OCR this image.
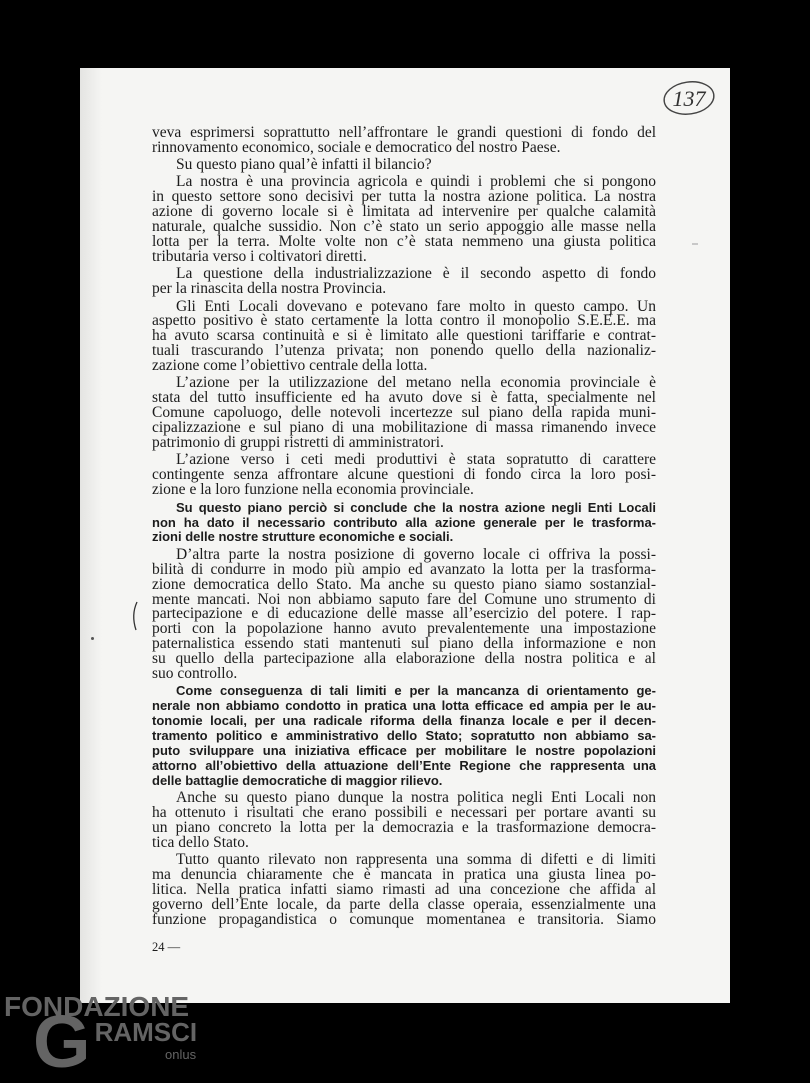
137
veva esprimersi soprattutto nell’affrontare le grandi questioni di fondo del
rinnovamento economico, sociale e democratico del nostro Paese.
Su questo piano qual’è infatti il bilancio?
La nostra è una provincia agricola e quindi i problemi che si pongono
in questo settore sono decisivi per tutta la nostra azione politica. La nostra
azione di governo locale si è limitata ad intervenire per qualche calamità
naturale, qualche sussidio. Non c’è stato un serio appoggio alle masse nella
lotta per la terra. Molte volte non c’è stata nemmeno una giusta politica
tributaria verso i coltivatori diretti.
La questione della industrializzazione è il secondo aspetto di fondo
per la rinascita della nostra Provincia.
Gli Enti Locali dovevano e potevano fare molto in questo campo. Un
aspetto positivo è stato certamente la lotta contro il monopolio S.E.E.E. ma
ha avuto scarsa continuità e si è limitato alle questioni tariffarie e contrat-
tuali trascurando l’utenza privata; non ponendo quello della nazionaliz-
zazione come l’obiettivo centrale della lotta.
L’azione per la utilizzazione del metano nella economia provinciale è
stata del tutto insufficiente ed ha avuto dove si è fatta, specialmente nel
Comune capoluogo, delle notevoli incertezze sul piano della rapida muni-
cipalizzazione e sul piano di una mobilitazione di massa rimanendo invece
patrimonio di gruppi ristretti di amministratori.
L’azione verso i ceti medi produttivi è stata sopratutto di carattere
contingente senza affrontare alcune questioni di fondo circa la loro posi-
zione e la loro funzione nella economia provinciale.
Su questo piano perciò si conclude che la nostra azione negli Enti Locali
non ha dato il necessario contributo alla azione generale per le trasforma-
zioni delle nostre strutture economiche e sociali.
D’altra parte la nostra posizione di governo locale ci offriva la possi-
bilità di condurre in modo più ampio ed avanzato la lotta per la trasforma-
zione democratica dello Stato. Ma anche su questo piano siamo sostanzial-
mente mancati. Noi non abbiamo saputo fare del Comune uno strumento di
partecipazione e di educazione delle masse all’esercizio del potere. I rap-
porti con la popolazione hanno avuto prevalentemente una impostazione
paternalistica essendo stati mantenuti sul piano della informazione e non
su quello della partecipazione alla elaborazione della nostra politica e al
suo controllo.
Come conseguenza di tali limiti e per la mancanza di orientamento ge-
nerale non abbiamo condotto in pratica una lotta efficace ed ampia per le au-
tonomie locali, per una radicale riforma della finanza locale e per il decen-
tramento politico e amministrativo dello Stato; sopratutto non abbiamo sa-
puto sviluppare una iniziativa efficace per mobilitare le nostre popolazioni
attorno all’obiettivo della attuazione dell’Ente Regione che rappresenta una
delle battaglie democratiche di maggior rilievo.
Anche su questo piano dunque la nostra politica negli Enti Locali non
ha ottenuto i risultati che erano possibili e necessari per portare avanti su
un piano concreto la lotta per la democrazia e la trasformazione democra-
tica dello Stato.
Tutto quanto rilevato non rappresenta una somma di difetti e di limiti
ma denuncia chiaramente che è mancata in pratica una giusta linea po-
litica. Nella pratica infatti siamo rimasti ad una concezione che affida al
governo dell’Ente locale, da parte della classe operaia, essenzialmente una
funzione propagandistica o comunque momentanea e transitoria. Siamo
24 —
FONDAZIONE
GRAMSCI
onlus
